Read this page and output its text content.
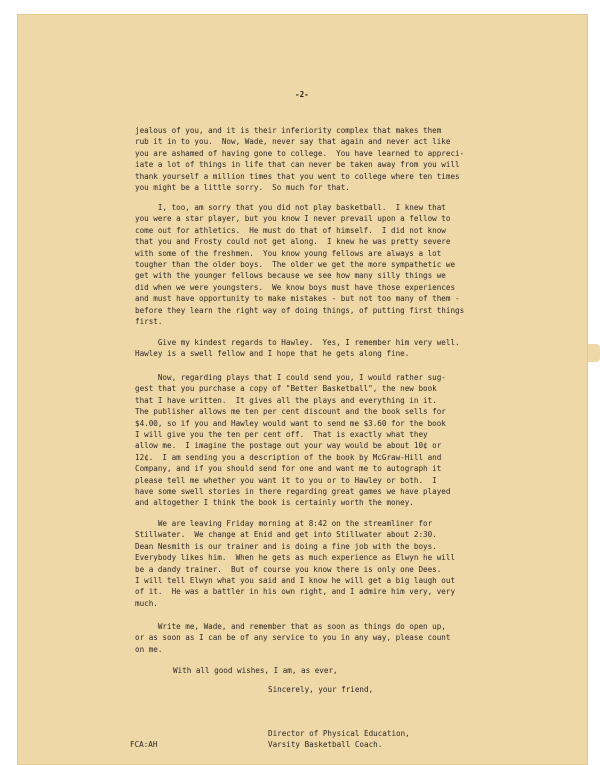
-2-

jealous of you, and it is their inferiority complex that makes them
rub it in to you.  Now, Wade, never say that again and never act like
you are ashamed of having gone to college.  You have learned to appreci-
iate a lot of things in life that can never be taken away from you will
thank yourself a million times that you went to college where ten times
you might be a little sorry.  So much for that.

I, too, am sorry that you did not play basketball.  I knew that
you were a star player, but you know I never prevail upon a fellow to
come out for athletics.  He must do that of himself.  I did not know
that you and Frosty could not get along.  I knew he was pretty severe
with some of the freshmen.  You know young fellows are always a lot
tougher than the older boys.  The older we get the more sympathetic we
get with the younger fellows because we see how many silly things we
did when we were youngsters.  We know boys must have those experiences
and must have opportunity to make mistakes - but not too many of them -
before they learn the right way of doing things, of putting first things
first.

Give my kindest regards to Hawley.  Yes, I remember him very well.
Hawley is a swell fellow and I hope that he gets along fine.

Now, regarding plays that I could send you, I would rather sug-
gest that you purchase a copy of "Better Basketball", the new book
that I have written.  It gives all the plays and everything in it.
The publisher allows me ten per cent discount and the book sells for
$4.00, so if you and Hawley would want to send me $3.60 for the book
I will give you the ten per cent off.  That is exactly what they
allow me.  I imagine the postage out your way would be about 10¢ or
12¢.  I am sending you a description of the book by McGraw-Hill and
Company, and if you should send for one and want me to autograph it
please tell me whether you want it to you or to Hawley or both.  I
have some swell stories in there regarding great games we have played
and altogether I think the book is certainly worth the money.

We are leaving Friday morning at 8:42 on the streamliner for
Stillwater.  We change at Enid and get into Stillwater about 2:30.
Dean Nesmith is our trainer and is doing a fine job with the boys.
Everybody likes him.  When he gets as much experience as Elwyn he will
be a dandy trainer.  But of course you know there is only one Dees.
I will tell Elwyn what you said and I know he will get a big laugh out
of it.  He was a battler in his own right, and I admire him very, very
much.

Write me, Wade, and remember that as soon as things do open up,
or as soon as I can be of any service to you in any way, please count
on me.

With all good wishes, I am, as ever,

Sincerely, your friend,

Director of Physical Education,

Varsity Basketball Coach.

FCA:AH
